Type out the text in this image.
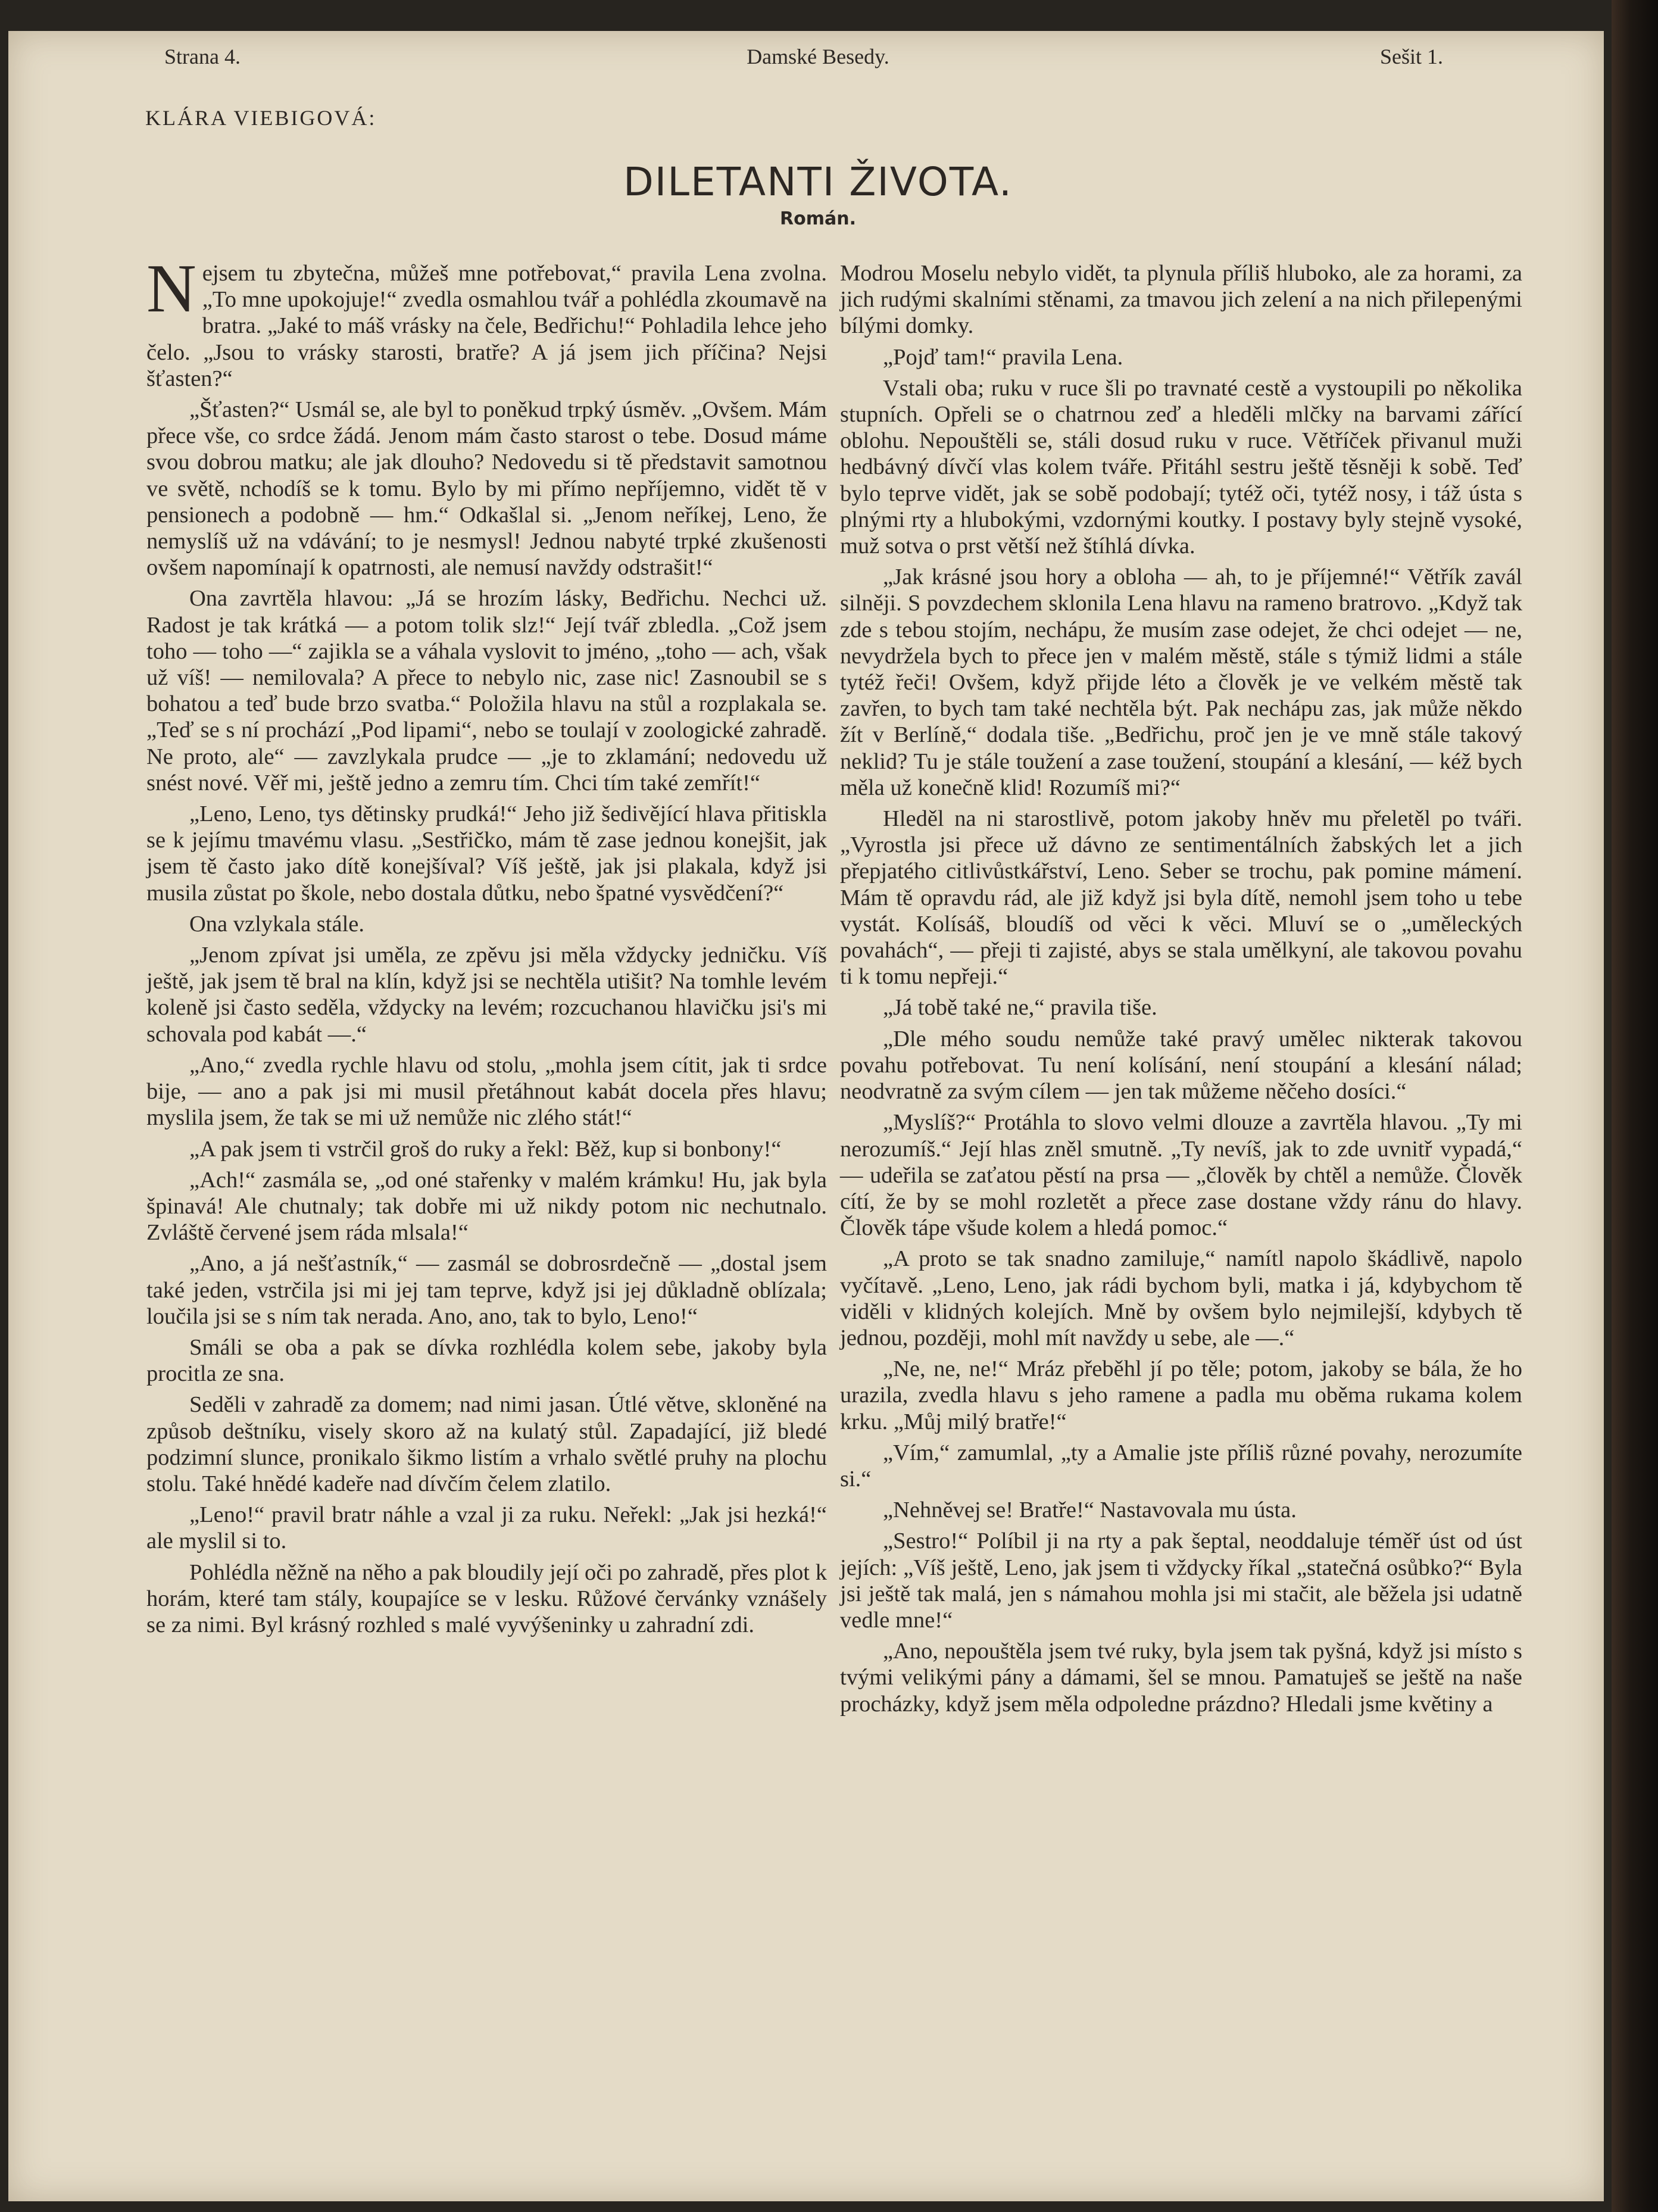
Strana 4.	Damské Besedy.	Sešit 1.
KLÁRA VIEBIGOVÁ:
DILETANTI ŽIVOTA.
Román.

Nejsem tu zbytečna, můžeš mne potřebovat,“ pravila Lena zvolna. „To mne upokojuje!“ zvedla osmahlou tvář a pohlédla zkoumavě na bratra. „Jaké to máš vrásky na čele, Bedřichu!“ Pohladila lehce jeho čelo. „Jsou to vrásky starosti, bratře? A já jsem jich příčina? Nejsi šťasten?“

„Šťasten?“ Usmál se, ale byl to poněkud trpký úsměv. „Ovšem. Mám přece vše, co srdce žádá. Jenom mám často starost o tebe. Dosud máme svou dobrou matku; ale jak dlouho? Nedovedu si tě představit samotnou ve světě, nchodíš se k tomu. Bylo by mi přímo nepříjemno, vidět tě v pensionech a podobně — hm.“ Odkašlal si. „Jenom neříkej, Leno, že nemyslíš už na vdávání; to je nesmysl! Jednou nabyté trpké zkušenosti ovšem napomínají k opatrnosti, ale nemusí navždy odstrašit!“

Ona zavrtěla hlavou: „Já se hrozím lásky, Bedřichu. Nechci už. Radost je tak krátká — a potom tolik slz!“ Její tvář zbledla. „Což jsem toho — toho —“ zajikla se a váhala vyslovit to jméno, „toho — ach, však už víš! — nemilovala? A přece to nebylo nic, zase nic! Zasnoubil se s bohatou a teď bude brzo svatba.“ Položila hlavu na stůl a rozplakala se. „Teď se s ní prochází „Pod lipami“, nebo se toulají v zoologické zahradě. Ne proto, ale“ — zavzlykala prudce — „je to zklamání; nedovedu už snést nové. Věř mi, ještě jedno a zemru tím. Chci tím také zemřít!“

„Leno, Leno, tys dětinsky prudká!“ Jeho již šedivějící hlava přitiskla se k jejímu tmavému vlasu. „Sestřičko, mám tě zase jednou konejšit, jak jsem tě často jako dítě konejšíval? Víš ještě, jak jsi plakala, když jsi musila zůstat po škole, nebo dostala důtku, nebo špatné vysvědčení?“

Ona vzlykala stále.

„Jenom zpívat jsi uměla, ze zpěvu jsi měla vždycky jedničku. Víš ještě, jak jsem tě bral na klín, když jsi se nechtěla utišit? Na tomhle levém koleně jsi často seděla, vždycky na levém; rozcuchanou hlavičku jsi's mi schovala pod kabát —.“

„Ano,“ zvedla rychle hlavu od stolu, „mohla jsem cítit, jak ti srdce bije, — ano a pak jsi mi musil přetáhnout kabát docela přes hlavu; myslila jsem, že tak se mi už nemůže nic zlého stát!“

„A pak jsem ti vstrčil groš do ruky a řekl: Běž, kup si bonbony!“

„Ach!“ zasmála se, „od oné stařenky v malém krámku! Hu, jak byla špinavá! Ale chutnaly; tak dobře mi už nikdy potom nic nechutnalo. Zvláště červené jsem ráda mlsala!“

„Ano, a já nešťastník,“ — zasmál se dobrosrdečně — „dostal jsem také jeden, vstrčila jsi mi jej tam teprve, když jsi jej důkladně oblízala; loučila jsi se s ním tak nerada. Ano, ano, tak to bylo, Leno!“

Smáli se oba a pak se dívka rozhlédla kolem sebe, jakoby byla procitla ze sna.

Seděli v zahradě za domem; nad nimi jasan. Útlé větve, skloněné na způsob deštníku, visely skoro až na kulatý stůl. Zapadající, již bledé podzimní slunce, pronikalo šikmo listím a vrhalo světlé pruhy na plochu stolu. Také hnědé kadeře nad dívčím čelem zlatilo.

„Leno!“ pravil bratr náhle a vzal ji za ruku. Neřekl: „Jak jsi hezká!“ ale myslil si to.

Pohlédla něžně na něho a pak bloudily její oči po zahradě, přes plot k horám, které tam stály, koupajíce se v lesku. Růžové červánky vznášely se za nimi. Byl krásný rozhled s malé vyvýšeninky u zahradní zdi.

Modrou Moselu nebylo vidět, ta plynula příliš hluboko, ale za horami, za jich rudými skalními stěnami, za tmavou jich zelení a na nich přilepenými bílými domky.

„Pojď tam!“ pravila Lena.

Vstali oba; ruku v ruce šli po travnaté cestě a vystoupili po několika stupních. Opřeli se o chatrnou zeď a hleděli mlčky na barvami zářící oblohu. Nepouštěli se, stáli dosud ruku v ruce. Větříček přivanul muži hedbávný dívčí vlas kolem tváře. Přitáhl sestru ještě těsněji k sobě. Teď bylo teprve vidět, jak se sobě podobají; tytéž oči, tytéž nosy, i táž ústa s plnými rty a hlubokými, vzdornými koutky. I postavy byly stejně vysoké, muž sotva o prst větší než štíhlá dívka.

„Jak krásné jsou hory a obloha — ah, to je příjemné!“ Větřík zavál silněji. S povzdechem sklonila Lena hlavu na rameno bratrovo. „Když tak zde s tebou stojím, nechápu, že musím zase odejet, že chci odejet — ne, nevydržela bych to přece jen v malém městě, stále s týmiž lidmi a stále tytéž řeči! Ovšem, když přijde léto a člověk je ve velkém městě tak zavřen, to bych tam také nechtěla být. Pak nechápu zas, jak může někdo žít v Berlíně,“ dodala tiše. „Bedřichu, proč jen je ve mně stále takový neklid? Tu je stále toužení a zase toužení, stoupání a klesání, — kéž bych měla už konečně klid! Rozumíš mi?“

Hleděl na ni starostlivě, potom jakoby hněv mu přeletěl po tváři. „Vyrostla jsi přece už dávno ze sentimentálních žabských let a jich přepjatého citlivůstkářství, Leno. Seber se trochu, pak pomine mámení. Mám tě opravdu rád, ale již když jsi byla dítě, nemohl jsem toho u tebe vystát. Kolísáš, bloudíš od věci k věci. Mluví se o „uměleckých povahách“, — přeji ti zajisté, abys se stala umělkyní, ale takovou povahu ti k tomu nepřeji.“

„Já tobě také ne,“ pravila tiše.

„Dle mého soudu nemůže také pravý umělec nikterak takovou povahu potřebovat. Tu není kolísání, není stoupání a klesání nálad; neodvratně za svým cílem — jen tak můžeme něčeho dosíci.“

„Myslíš?“ Protáhla to slovo velmi dlouze a zavrtěla hlavou. „Ty mi nerozumíš.“ Její hlas zněl smutně. „Ty nevíš, jak to zde uvnitř vypadá,“ — udeřila se zaťatou pěstí na prsa — „člověk by chtěl a nemůže. Člověk cítí, že by se mohl rozletět a přece zase dostane vždy ránu do hlavy. Člověk tápe všude kolem a hledá pomoc.“

„A proto se tak snadno zamiluje,“ namítl napolo škádlivě, napolo vyčítavě. „Leno, Leno, jak rádi bychom byli, matka i já, kdybychom tě viděli v klidných kolejích. Mně by ovšem bylo nejmilejší, kdybych tě jednou, později, mohl mít navždy u sebe, ale —.“

„Ne, ne, ne!“ Mráz přeběhl jí po těle; potom, jakoby se bála, že ho urazila, zvedla hlavu s jeho ramene a padla mu oběma rukama kolem krku. „Můj milý bratře!“

„Vím,“ zamumlal, „ty a Amalie jste příliš různé povahy, nerozumíte si.“

„Nehněvej se! Bratře!“ Nastavovala mu ústa.

„Sestro!“ Políbil ji na rty a pak šeptal, neoddaluje téměř úst od úst jejích: „Víš ještě, Leno, jak jsem ti vždycky říkal „statečná osůbko?“ Byla jsi ještě tak malá, jen s námahou mohla jsi mi stačit, ale běžela jsi udatně vedle mne!“

„Ano, nepouštěla jsem tvé ruky, byla jsem tak pyšná, když jsi místo s tvými velikými pány a dámami, šel se mnou. Pamatuješ se ještě na naše procházky, když jsem měla odpoledne prázdno? Hledali jsme květiny a
